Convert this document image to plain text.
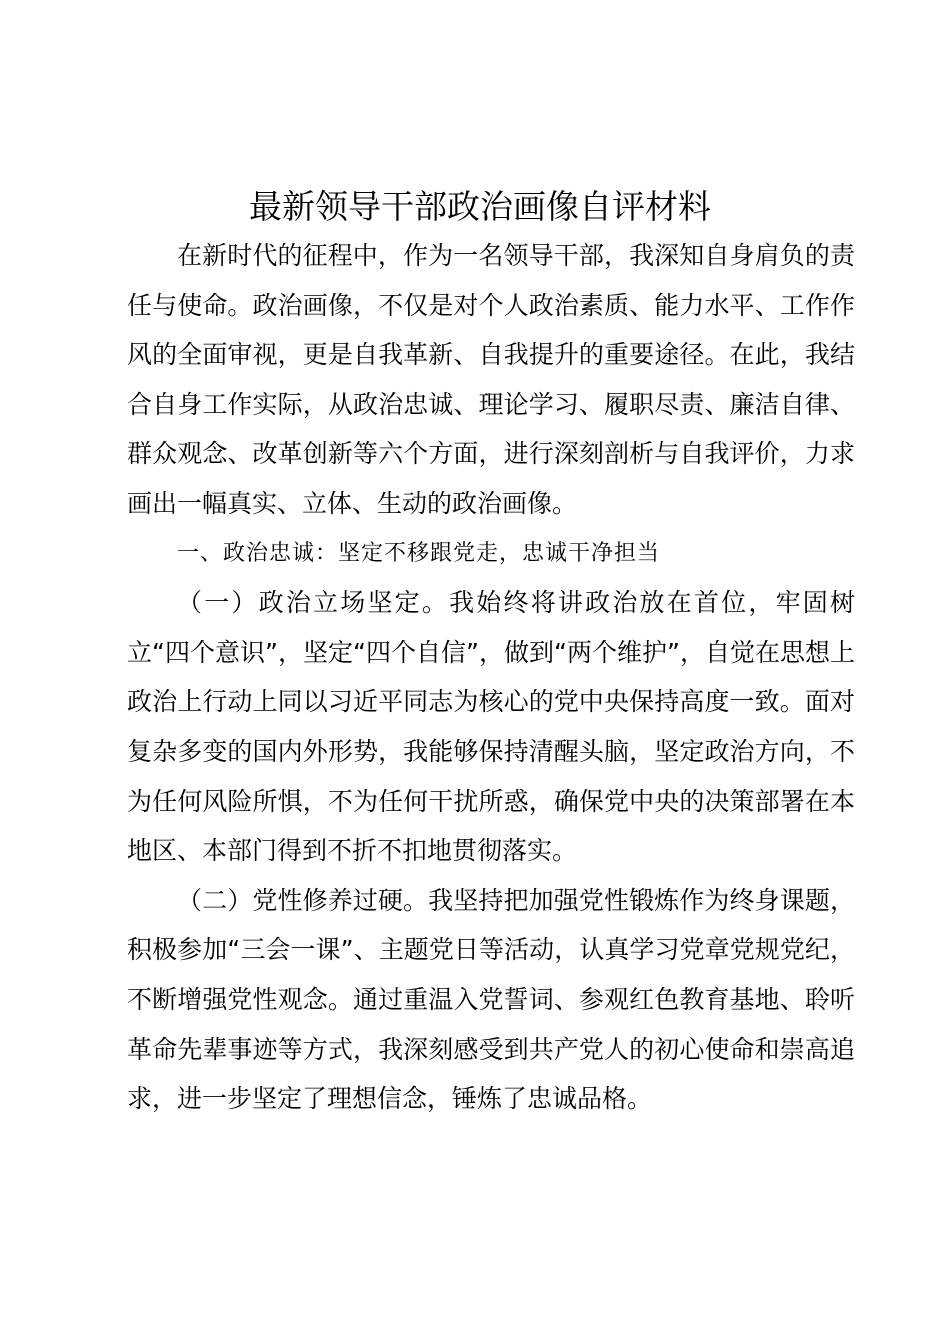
最新领导干部政治画像自评材料

在新时代的征程中，作为一名领导干部，我深知自身肩负的责任与使命。政治画像，不仅是对个人政治素质、能力水平、工作作风的全面审视，更是自我革新、自我提升的重要途径。在此，我结合自身工作实际，从政治忠诚、理论学习、履职尽责、廉洁自律、群众观念、改革创新等六个方面，进行深刻剖析与自我评价，力求画出一幅真实、立体、生动的政治画像。

一、政治忠诚：坚定不移跟党走，忠诚干净担当

（一）政治立场坚定。我始终将讲政治放在首位，牢固树立“四个意识”，坚定“四个自信”，做到“两个维护”，自觉在思想上政治上行动上同以习近平同志为核心的党中央保持高度一致。面对复杂多变的国内外形势，我能够保持清醒头脑，坚定政治方向，不为任何风险所惧，不为任何干扰所惑，确保党中央的决策部署在本地区、本部门得到不折不扣地贯彻落实。

（二）党性修养过硬。我坚持把加强党性锻炼作为终身课题，积极参加“三会一课”、主题党日等活动，认真学习党章党规党纪，不断增强党性观念。通过重温入党誓词、参观红色教育基地、聆听革命先辈事迹等方式，我深刻感受到共产党人的初心使命和崇高追求，进一步坚定了理想信念，锤炼了忠诚品格。
